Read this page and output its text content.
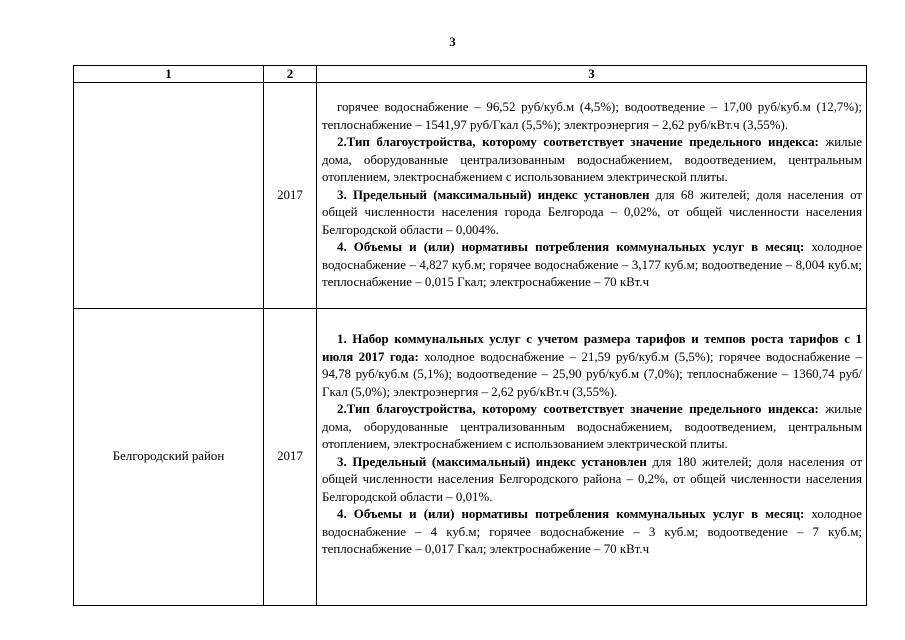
3
1	2	3
	2017	горячее водоснабжение – 96,52 руб/куб.м (4,5%); водоотведение – 17,00 руб/куб.м (12,7%); теплоснабжение – 1541,97 руб/Гкал (5,5%); электроэнергия – 2,62 руб/кВт.ч (3,55%).

2.Тип благоустройства, которому соответствует значение предельного индекса: жилые дома, оборудованные централизованным водоснабжением, водоотведением, центральным отоплением, электроснабжением с использованием электрической плиты.

3. Предельный (максимальный) индекс установлен для 68 жителей; доля населения от общей численности населения города Белгорода – 0,02%, от общей численности населения Белгородской области – 0,004%.

4. Объемы и (или) нормативы потребления коммунальных услуг в месяц: холодное водоснабжение – 4,827 куб.м; горячее водоснабжение – 3,177 куб.м; водоотведение – 8,004 куб.м; теплоснабжение – 0,015 Гкал; электроснабжение – 70 кВт.ч

Белгородский район	2017	1. Набор коммунальных услуг с учетом размера тарифов и темпов роста тарифов с 1 июля 2017 года: холодное водоснабжение – 21,59 руб/куб.м (5,5%); горячее водоснабжение – 94,78 руб/куб.м (5,1%); водоотведение – 25,90 руб/куб.м (7,0%); теплоснабжение – 1360,74 руб/Гкал (5,0%); электроэнергия – 2,62 руб/кВт.ч (3,55%).

2.Тип благоустройства, которому соответствует значение предельного индекса: жилые дома, оборудованные централизованным водоснабжением, водоотведением, центральным отоплением, электроснабжением с использованием электрической плиты.

3. Предельный (максимальный) индекс установлен для 180 жителей; доля населения от общей численности населения Белгородского района – 0,2%, от общей численности населения Белгородской области – 0,01%.

4. Объемы и (или) нормативы потребления коммунальных услуг в месяц: холодное водоснабжение – 4 куб.м; горячее водоснабжение – 3 куб.м; водоотведение – 7 куб.м; теплоснабжение – 0,017 Гкал; электроснабжение – 70 кВт.ч
